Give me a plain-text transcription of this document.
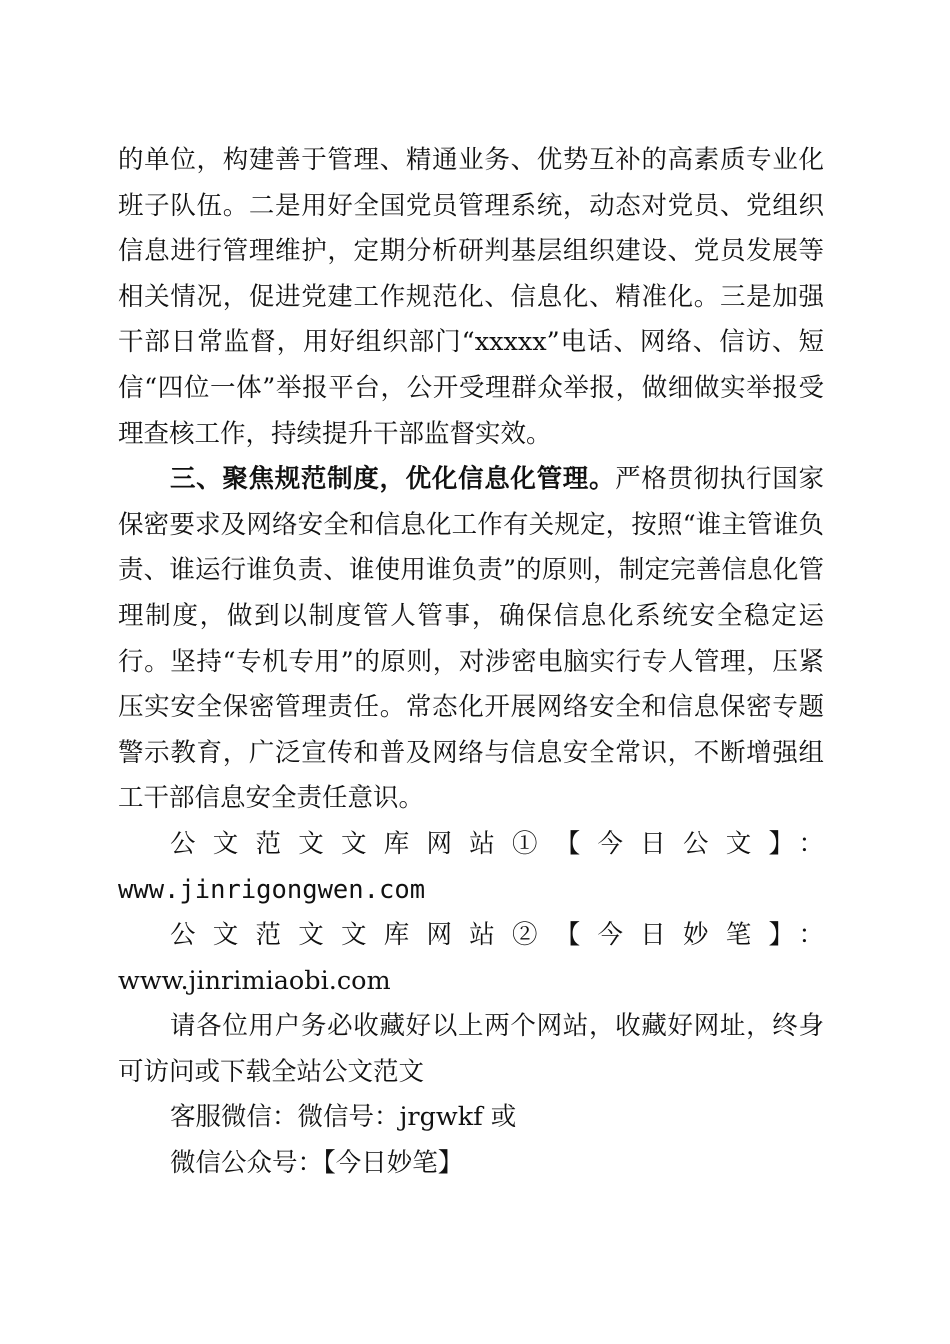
的单位，构建善于管理、精通业务、优势互补的高素质专业化班子队伍。二是用好全国党员管理系统，动态对党员、党组织信息进行管理维护，定期分析研判基层组织建设、党员发展等相关情况，促进党建工作规范化、信息化、精准化。三是加强干部日常监督，用好组织部门“xxxxx”电话、网络、信访、短信“四位一体”举报平台，公开受理群众举报，做细做实举报受理查核工作，持续提升干部监督实效。

三、聚焦规范制度，优化信息化管理。严格贯彻执行国家保密要求及网络安全和信息化工作有关规定，按照“谁主管谁负责、谁运行谁负责、谁使用谁负责”的原则，制定完善信息化管理制度，做到以制度管人管事，确保信息化系统安全稳定运行。坚持“专机专用”的原则，对涉密电脑实行专人管理，压紧压实安全保密管理责任。常态化开展网络安全和信息保密专题警示教育，广泛宣传和普及网络与信息安全常识，不断增强组工干部信息安全责任意识。

公文范文文库网站①【今日公文】：

www.jinrigongwen.com

公文范文文库网站②【今日妙笔】：www.jinrimiaobi.com

请各位用户务必收藏好以上两个网站，收藏好网址，终身可访问或下载全站公文范文

客服微信：微信号：jrgwkf 或

微信公众号：【今日妙笔】
